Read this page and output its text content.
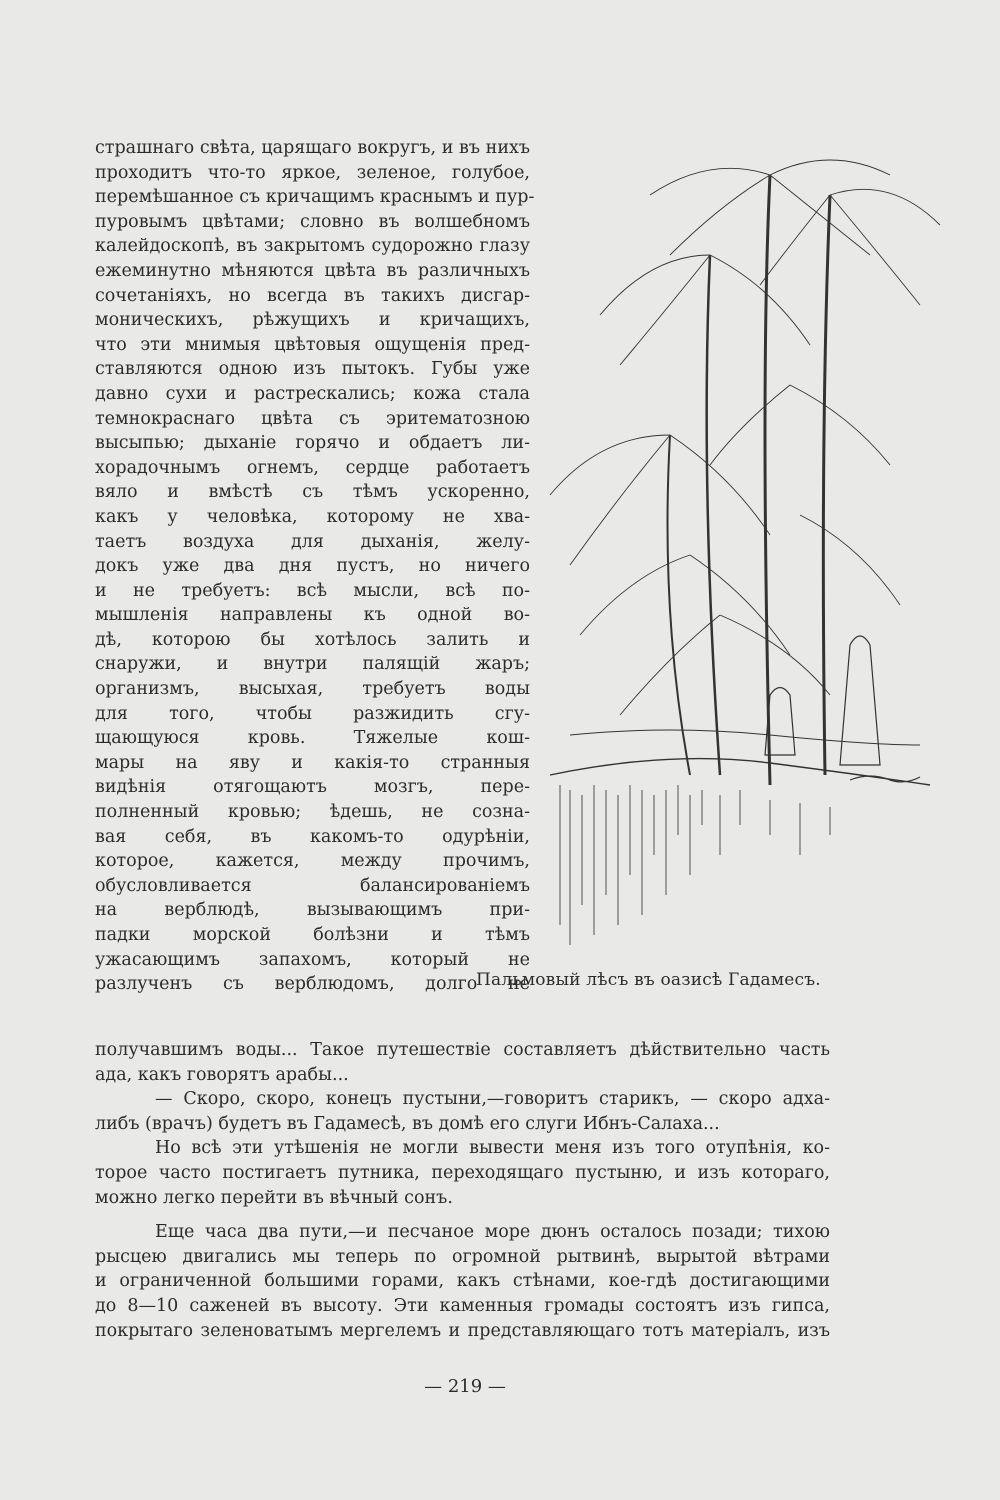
страшнаго свѣта, царящаго вокругъ, и въ нихъ
проходитъ что-то яркое, зеленое, голубое,
перемѣшанное съ кричащимъ краснымъ и пур-
пуровымъ цвѣтами; словно въ волшебномъ
калейдоскопѣ, въ закрытомъ судорожно глазу
ежеминутно мѣняются цвѣта въ различныхъ
сочетаніяхъ, но всегда въ такихъ дисгар-
моническихъ, рѣжущихъ и кричащихъ,
что эти мнимыя цвѣтовыя ощущенія пред-
ставляются одною изъ пытокъ. Губы уже
давно сухи и растрескались; кожа стала
темнокраснаго цвѣта съ эритематозною
высыпью; дыханіе горячо и обдаетъ ли-
хорадочнымъ огнемъ, сердце работаетъ
вяло и вмѣстѣ съ тѣмъ ускоренно,
какъ у человѣка, которому не хва-
таетъ воздуха для дыханія, желу-
докъ уже два дня пустъ, но ничего
и не требуетъ: всѣ мысли, всѣ по-
мышленія направлены къ одной во-
дѣ, которою бы хотѣлось залить и
снаружи, и внутри палящій жаръ;
организмъ, высыхая, требуетъ воды
для того, чтобы разжидить сгу-
щающуюся кровь. Тяжелые кош-
мары на яву и какія-то странныя
видѣнія отягощаютъ мозгъ, пере-
полненный кровью; ѣдешь, не созна-
вая себя, въ какомъ-то одурѣніи,
которое, кажется, между прочимъ,
обусловливается балансированіемъ
на верблюдѣ, вызывающимъ при-
падки морской болѣзни и тѣмъ
ужасающимъ запахомъ, который не
разлученъ съ верблюдомъ, долго не
Пальмовый лѣсъ въ оазисѣ Гадамесъ.
получавшимъ воды... Такое путешествіе составляетъ дѣйствительно часть
ада, какъ говорятъ арабы...
— Скоро, скоро, конецъ пустыни,—говоритъ старикъ, — скоро адха-
либъ (врачъ) будетъ въ Гадамесѣ, въ домѣ его слуги Ибнъ-Салаха...
Но всѣ эти утѣшенія не могли вывести меня изъ того отупѣнія, ко-
торое часто постигаетъ путника, переходящаго пустыню, и изъ котораго,
можно легко перейти въ вѣчный сонъ.
Еще часа два пути,—и песчаное море дюнъ осталось позади; тихою
рысцею двигались мы теперь по огромной рытвинѣ, вырытой вѣтрами
и ограниченной большими горами, какъ стѣнами, кое-гдѣ достигающими
до 8—10 саженей въ высоту. Эти каменныя громады состоятъ изъ гипса,
покрытаго зеленоватымъ мергелемъ и представляющаго тотъ матеріалъ, изъ
— 219 —
